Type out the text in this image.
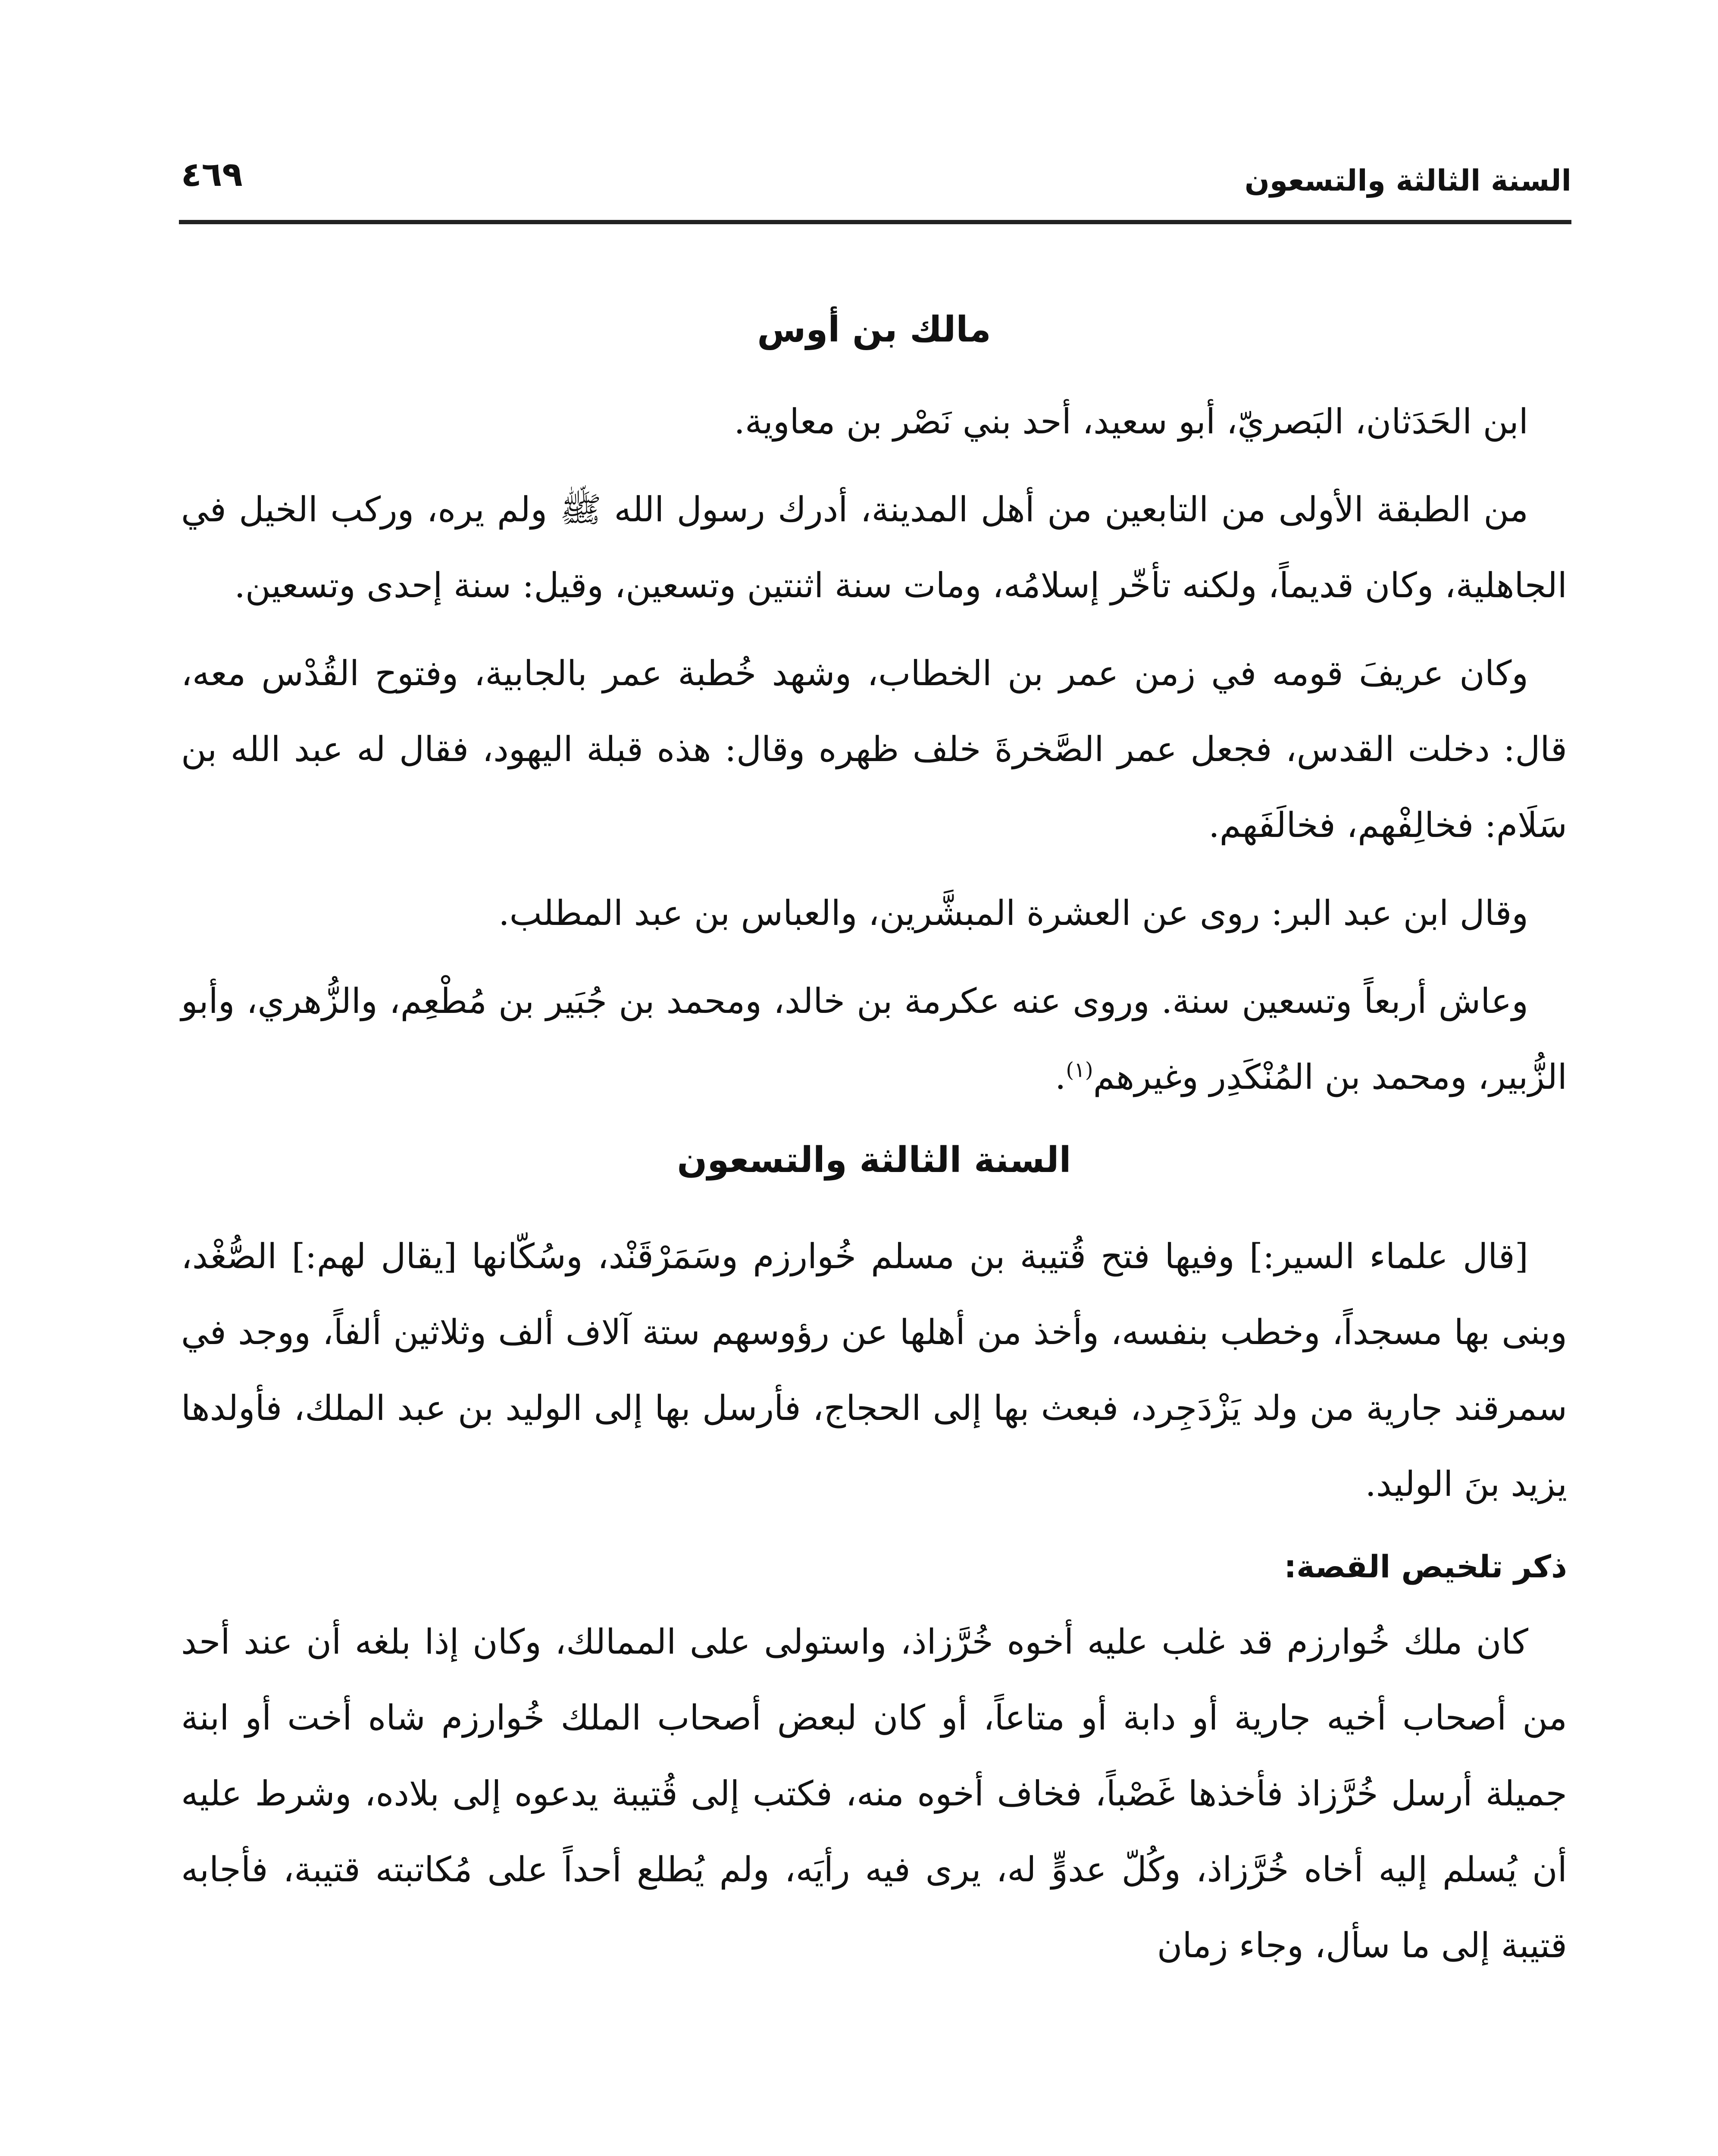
السنة الثالثة والتسعون
٤٦٩
مالك بن أوس

ابن الحَدَثان، البَصريّ، أبو سعيد، أحد بني نَصْر بن معاوية.

من الطبقة الأولى من التابعين من أهل المدينة، أدرك رسول الله ﷺ ولم يره، وركب الخيل في الجاهلية، وكان قديماً، ولكنه تأخّر إسلامُه، ومات سنة اثنتين وتسعين، وقيل: سنة إحدى وتسعين.

وكان عريفَ قومه في زمن عمر بن الخطاب، وشهد خُطبة عمر بالجابية، وفتوح القُدْس معه، قال: دخلت القدس، فجعل عمر الصَّخرةَ خلف ظهره وقال: هذه قبلة اليهود، فقال له عبد الله بن سَلَام: فخالِفْهم، فخالَفَهم.

وقال ابن عبد البر: روى عن العشرة المبشَّرين، والعباس بن عبد المطلب.

وعاش أربعاً وتسعين سنة. وروى عنه عكرمة بن خالد، ومحمد بن جُبَير بن مُطْعِم، والزُّهري، وأبو الزُّبير، ومحمد بن المُنْكَدِر وغيرهم$^{(١)}$.

السنة الثالثة والتسعون

[قال علماء السير:] وفيها فتح قُتيبة بن مسلم خُوارزم وسَمَرْقَنْد، وسُكّانها [يقال لهم:] الصُّغْد، وبنى بها مسجداً، وخطب بنفسه، وأخذ من أهلها عن رؤوسهم ستة آلاف ألف وثلاثين ألفاً، ووجد في سمرقند جارية من ولد يَزْدَجِرد، فبعث بها إلى الحجاج، فأرسل بها إلى الوليد بن عبد الملك، فأولدها يزيد بنَ الوليد.

ذكر تلخيص القصة:

كان ملك خُوارزم قد غلب عليه أخوه خُرَّزاذ، واستولى على الممالك، وكان إذا بلغه أن عند أحد من أصحاب أخيه جارية أو دابة أو متاعاً، أو كان لبعض أصحاب الملك خُوارزم شاه أخت أو ابنة جميلة أرسل خُرَّزاذ فأخذها غَصْباً، فخاف أخوه منه، فكتب إلى قُتيبة يدعوه إلى بلاده، وشرط عليه أن يُسلم إليه أخاه خُرَّزاذ، وكُلّ عدوٍّ له، يرى فيه رأيَه، ولم يُطلع أحداً على مُكاتبته قتيبة، فأجابه قتيبة إلى ما سأل، وجاء زمان
